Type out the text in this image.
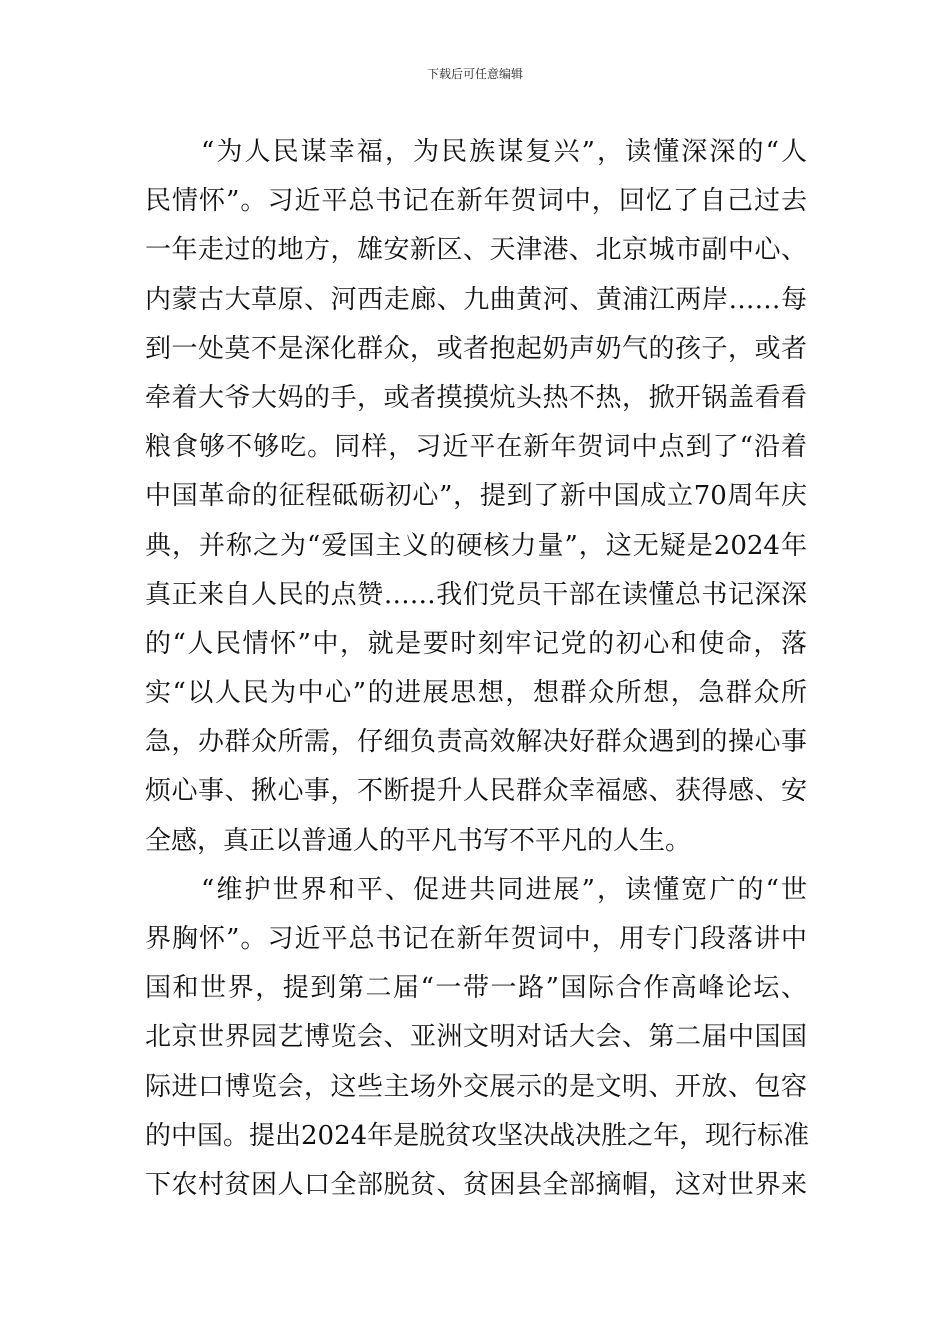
下载后可任意编辑
“为人民谋幸福，为民族谋复兴”，读懂深深的“人
民情怀”。习近平总书记在新年贺词中，回忆了自己过去
一年走过的地方，雄安新区、天津港、北京城市副中心、
内蒙古大草原、河西走廊、九曲黄河、黄浦江两岸……每
到一处莫不是深化群众，或者抱起奶声奶气的孩子，或者
牵着大爷大妈的手，或者摸摸炕头热不热，掀开锅盖看看
粮食够不够吃。同样，习近平在新年贺词中点到了“沿着
中国革命的征程砥砺初心”，提到了新中国成立70周年庆
典，并称之为“爱国主义的硬核力量”，这无疑是2024年
真正来自人民的点赞……我们党员干部在读懂总书记深深
的“人民情怀”中，就是要时刻牢记党的初心和使命，落
实“以人民为中心”的进展思想，想群众所想，急群众所
急，办群众所需，仔细负责高效解决好群众遇到的操心事
烦心事、揪心事，不断提升人民群众幸福感、获得感、安
全感，真正以普通人的平凡书写不平凡的人生。
“维护世界和平、促进共同进展”，读懂宽广的“世
界胸怀”。习近平总书记在新年贺词中，用专门段落讲中
国和世界，提到第二届“一带一路”国际合作高峰论坛、
北京世界园艺博览会、亚洲文明对话大会、第二届中国国
际进口博览会，这些主场外交展示的是文明、开放、包容
的中国。提出2024年是脱贫攻坚决战决胜之年，现行标准
下农村贫困人口全部脱贫、贫困县全部摘帽，这对世界来
